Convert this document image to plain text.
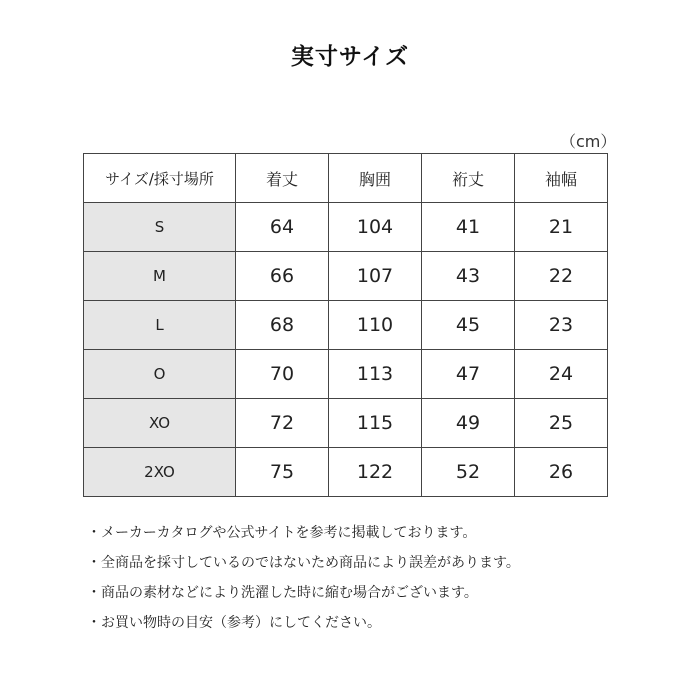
実寸サイズ
（cm）
サイズ/採寸場所	着丈	胸囲	裄丈	袖幅
S	64	104	41	21
M	66	107	43	22
L	68	110	45	23
O	70	113	47	24
XO	72	115	49	25
2XO	75	122	52	26
・メーカーカタログや公式サイトを参考に掲載しております。
・全商品を採寸しているのではないため商品により誤差があります。
・商品の素材などにより洗濯した時に縮む場合がございます。
・お買い物時の目安（参考）にしてください。
